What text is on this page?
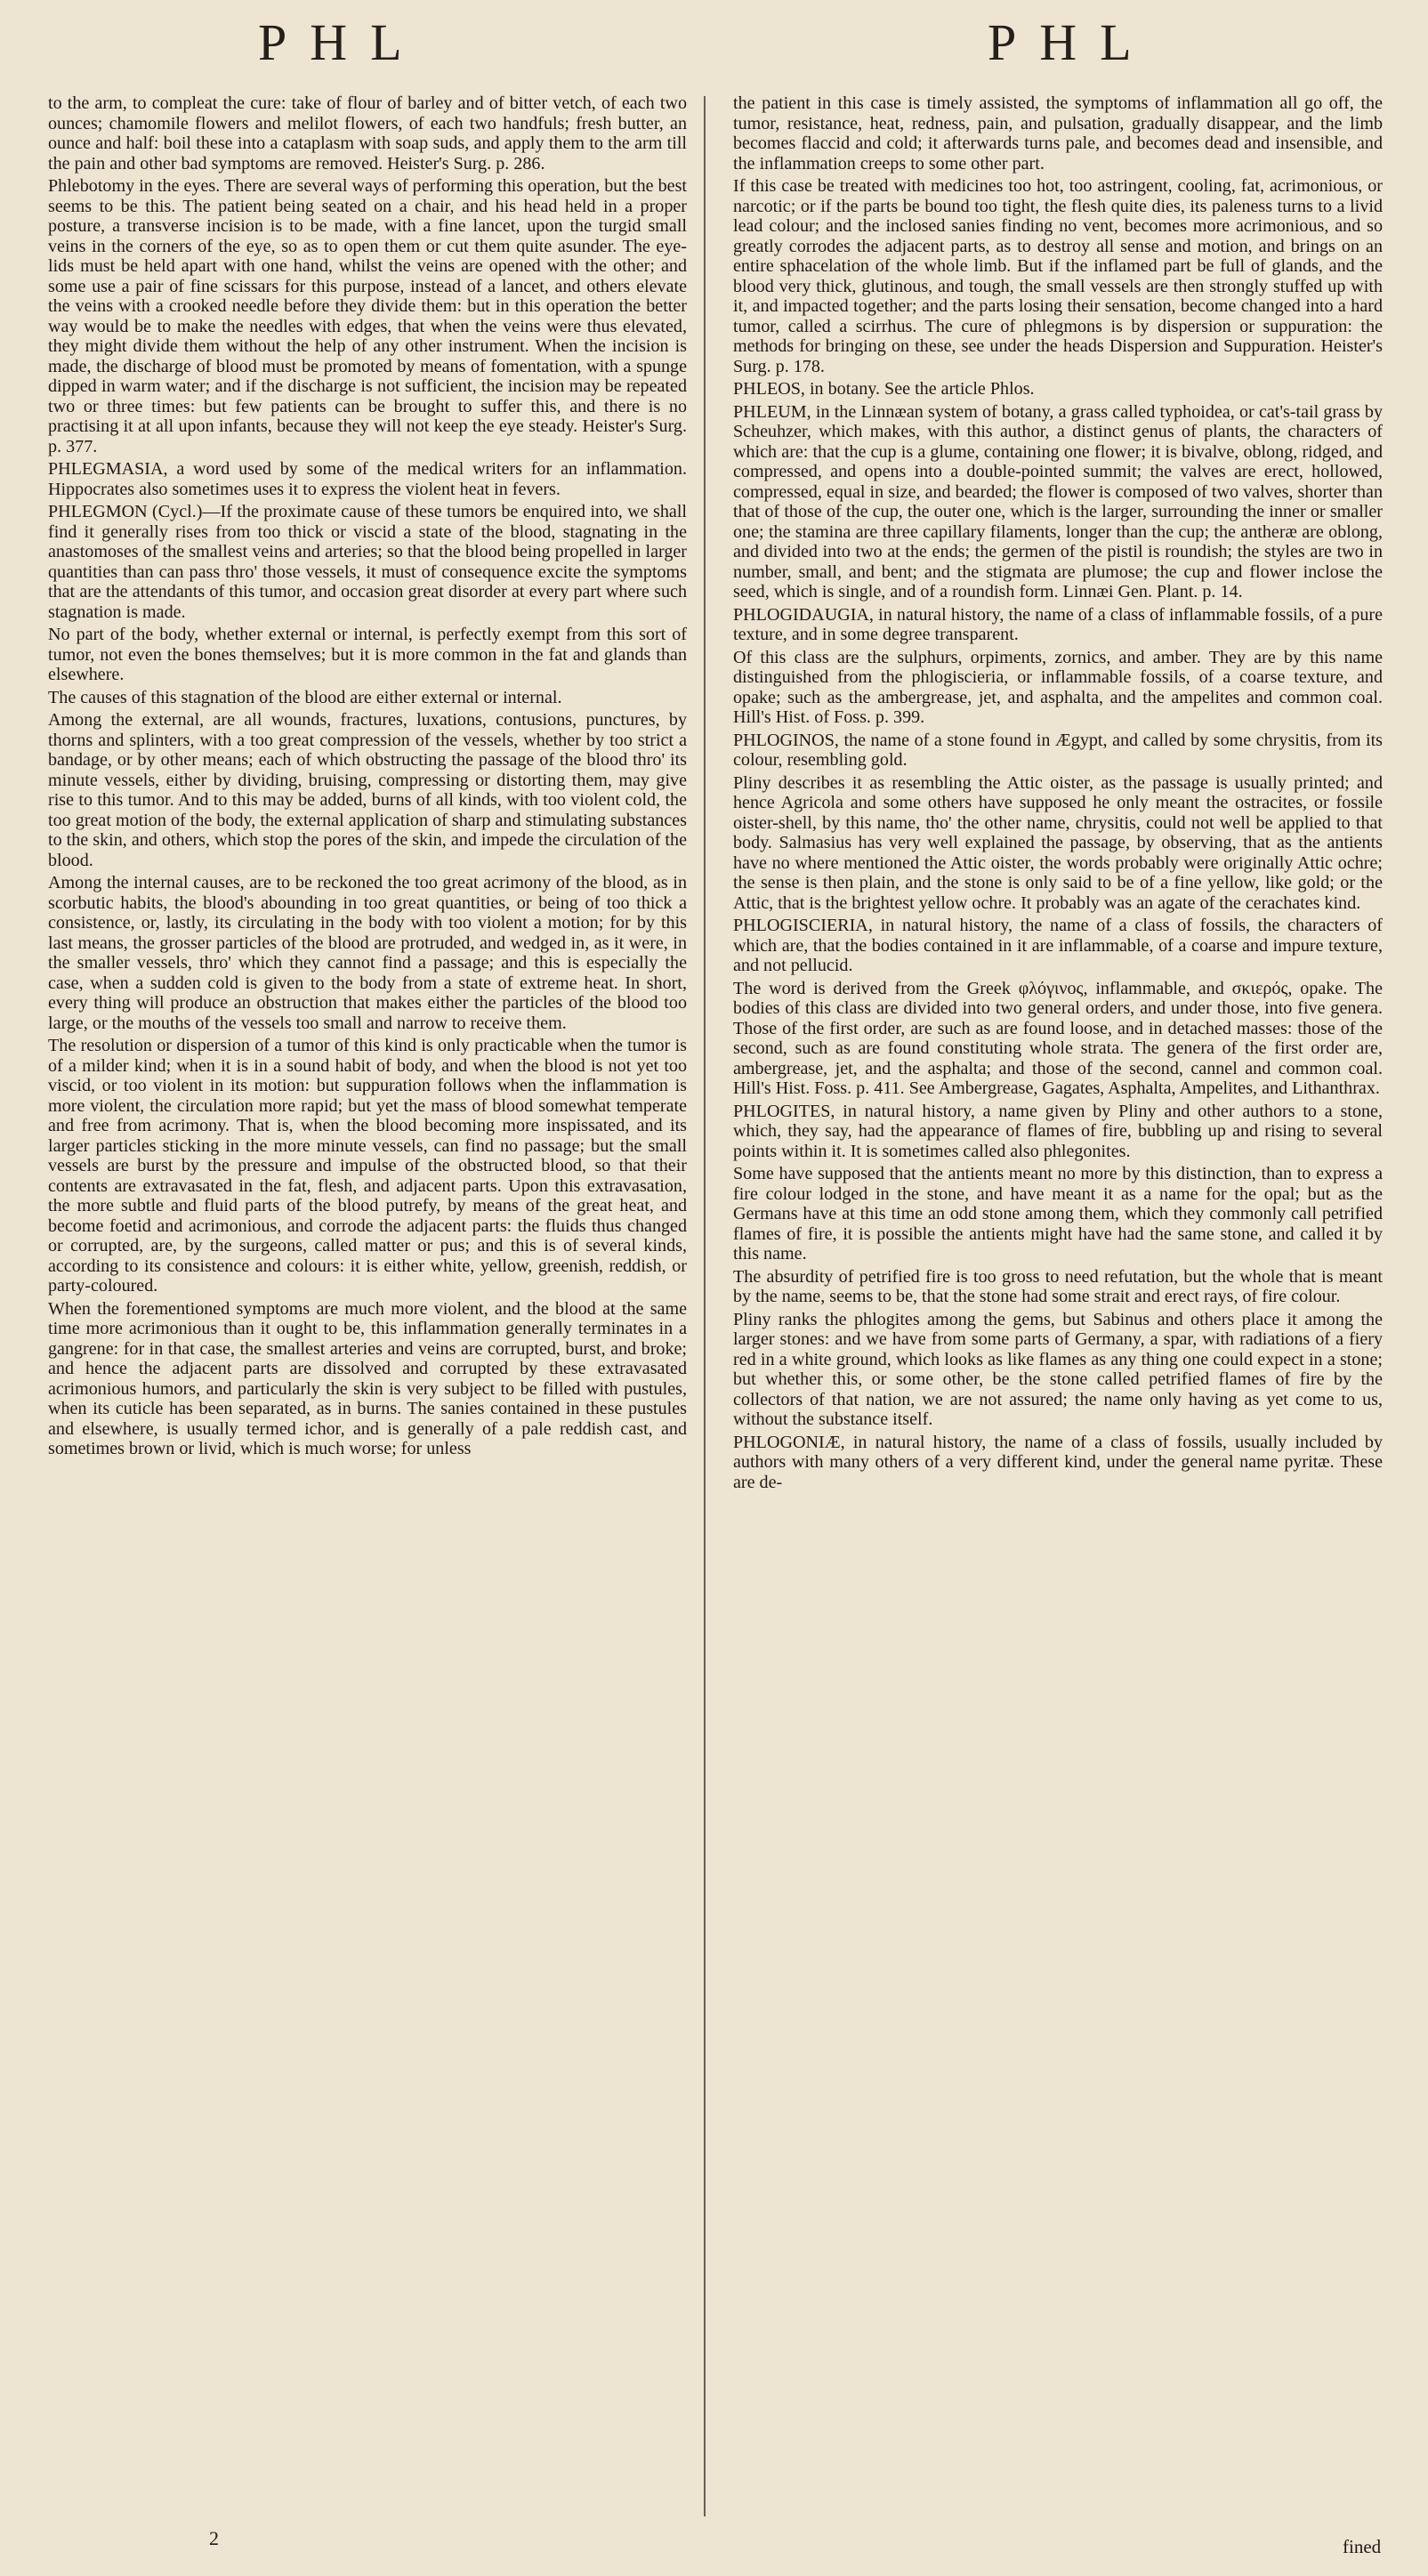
PHL	PHL

to the arm, to compleat the cure: take of flour of barley and of bitter vetch, of each two ounces; chamomile flowers and melilot flowers, of each two handfuls; fresh butter, an ounce and half: boil these into a cataplasm with soap suds, and apply them to the arm till the pain and other bad symptoms are removed. Heister's Surg. p. 286.

Phlebotomy in the eyes. There are several ways of performing this operation, but the best seems to be this. The patient being seated on a chair, and his head held in a proper posture, a transverse incision is to be made, with a fine lancet, upon the turgid small veins in the corners of the eye, so as to open them or cut them quite asunder. The eye-lids must be held apart with one hand, whilst the veins are opened with the other; and some use a pair of fine scissars for this purpose, instead of a lancet, and others elevate the veins with a crooked needle before they divide them: but in this operation the better way would be to make the needles with edges, that when the veins were thus elevated, they might divide them without the help of any other instrument. When the incision is made, the discharge of blood must be promoted by means of fomentation, with a spunge dipped in warm water; and if the discharge is not sufficient, the incision may be repeated two or three times: but few patients can be brought to suffer this, and there is no practising it at all upon infants, because they will not keep the eye steady. Heister's Surg. p. 377.

PHLEGMASIA, a word used by some of the medical writers for an inflammation. Hippocrates also sometimes uses it to express the violent heat in fevers.

PHLEGMON (Cycl.)—If the proximate cause of these tumors be enquired into, we shall find it generally rises from too thick or viscid a state of the blood, stagnating in the anastomoses of the smallest veins and arteries; so that the blood being propelled in larger quantities than can pass thro' those vessels, it must of consequence excite the symptoms that are the attendants of this tumor, and occasion great disorder at every part where such stagnation is made.

No part of the body, whether external or internal, is perfectly exempt from this sort of tumor, not even the bones themselves; but it is more common in the fat and glands than elsewhere.

The causes of this stagnation of the blood are either external or internal.

Among the external, are all wounds, fractures, luxations, contusions, punctures, by thorns and splinters, with a too great compression of the vessels, whether by too strict a bandage, or by other means; each of which obstructing the passage of the blood thro' its minute vessels, either by dividing, bruising, compressing or distorting them, may give rise to this tumor. And to this may be added, burns of all kinds, with too violent cold, the too great motion of the body, the external application of sharp and stimulating substances to the skin, and others, which stop the pores of the skin, and impede the circulation of the blood.

Among the internal causes, are to be reckoned the too great acrimony of the blood, as in scorbutic habits, the blood's abounding in too great quantities, or being of too thick a consistence, or, lastly, its circulating in the body with too violent a motion; for by this last means, the grosser particles of the blood are protruded, and wedged in, as it were, in the smaller vessels, thro' which they cannot find a passage; and this is especially the case, when a sudden cold is given to the body from a state of extreme heat. In short, every thing will produce an obstruction that makes either the particles of the blood too large, or the mouths of the vessels too small and narrow to receive them.

The resolution or dispersion of a tumor of this kind is only practicable when the tumor is of a milder kind; when it is in a sound habit of body, and when the blood is not yet too viscid, or too violent in its motion: but suppuration follows when the inflammation is more violent, the circulation more rapid; but yet the mass of blood somewhat temperate and free from acrimony. That is, when the blood becoming more inspissated, and its larger particles sticking in the more minute vessels, can find no passage; but the small vessels are burst by the pressure and impulse of the obstructed blood, so that their contents are extravasated in the fat, flesh, and adjacent parts. Upon this extravasation, the more subtle and fluid parts of the blood putrefy, by means of the great heat, and become foetid and acrimonious, and corrode the adjacent parts: the fluids thus changed or corrupted, are, by the surgeons, called matter or pus; and this is of several kinds, according to its consistence and colours: it is either white, yellow, greenish, reddish, or party-coloured.

When the forementioned symptoms are much more violent, and the blood at the same time more acrimonious than it ought to be, this inflammation generally terminates in a gangrene: for in that case, the smallest arteries and veins are corrupted, burst, and broke; and hence the adjacent parts are dissolved and corrupted by these extravasated acrimonious humors, and particularly the skin is very subject to be filled with pustules, when its cuticle has been separated, as in burns. The sanies contained in these pustules and elsewhere, is usually termed ichor, and is generally of a pale reddish cast, and sometimes brown or livid, which is much worse; for unless

the patient in this case is timely assisted, the symptoms of inflammation all go off, the tumor, resistance, heat, redness, pain, and pulsation, gradually disappear, and the limb becomes flaccid and cold; it afterwards turns pale, and becomes dead and insensible, and the inflammation creeps to some other part.

If this case be treated with medicines too hot, too astringent, cooling, fat, acrimonious, or narcotic; or if the parts be bound too tight, the flesh quite dies, its paleness turns to a livid lead colour; and the inclosed sanies finding no vent, becomes more acrimonious, and so greatly corrodes the adjacent parts, as to destroy all sense and motion, and brings on an entire sphacelation of the whole limb. But if the inflamed part be full of glands, and the blood very thick, glutinous, and tough, the small vessels are then strongly stuffed up with it, and impacted together; and the parts losing their sensation, become changed into a hard tumor, called a scirrhus. The cure of phlegmons is by dispersion or suppuration: the methods for bringing on these, see under the heads Dispersion and Suppuration. Heister's Surg. p. 178.

PHLEOS, in botany. See the article Phlos.

PHLEUM, in the Linnæan system of botany, a grass called typhoidea, or cat's-tail grass by Scheuhzer, which makes, with this author, a distinct genus of plants, the characters of which are: that the cup is a glume, containing one flower; it is bivalve, oblong, ridged, and compressed, and opens into a double-pointed summit; the valves are erect, hollowed, compressed, equal in size, and bearded; the flower is composed of two valves, shorter than that of those of the cup, the outer one, which is the larger, surrounding the inner or smaller one; the stamina are three capillary filaments, longer than the cup; the antheræ are oblong, and divided into two at the ends; the germen of the pistil is roundish; the styles are two in number, small, and bent; and the stigmata are plumose; the cup and flower inclose the seed, which is single, and of a roundish form. Linnæi Gen. Plant. p. 14.

PHLOGIDAUGIA, in natural history, the name of a class of inflammable fossils, of a pure texture, and in some degree transparent.

Of this class are the sulphurs, orpiments, zornics, and amber. They are by this name distinguished from the phlogiscieria, or inflammable fossils, of a coarse texture, and opake; such as the ambergrease, jet, and asphalta, and the ampelites and common coal. Hill's Hist. of Foss. p. 399.

PHLOGINOS, the name of a stone found in Ægypt, and called by some chrysitis, from its colour, resembling gold.

Pliny describes it as resembling the Attic oister, as the passage is usually printed; and hence Agricola and some others have supposed he only meant the ostracites, or fossile oister-shell, by this name, tho' the other name, chrysitis, could not well be applied to that body. Salmasius has very well explained the passage, by observing, that as the antients have no where mentioned the Attic oister, the words probably were originally Attic ochre; the sense is then plain, and the stone is only said to be of a fine yellow, like gold; or the Attic, that is the brightest yellow ochre. It probably was an agate of the cerachates kind.

PHLOGISCIERIA, in natural history, the name of a class of fossils, the characters of which are, that the bodies contained in it are inflammable, of a coarse and impure texture, and not pellucid.

The word is derived from the Greek φλόγινος, inflammable, and σκιερός, opake. The bodies of this class are divided into two general orders, and under those, into five genera. Those of the first order, are such as are found loose, and in detached masses: those of the second, such as are found constituting whole strata. The genera of the first order are, ambergrease, jet, and the asphalta; and those of the second, cannel and common coal. Hill's Hist. Foss. p. 411. See Ambergrease, Gagates, Asphalta, Ampelites, and Lithanthrax.

PHLOGITES, in natural history, a name given by Pliny and other authors to a stone, which, they say, had the appearance of flames of fire, bubbling up and rising to several points within it. It is sometimes called also phlegonites.

Some have supposed that the antients meant no more by this distinction, than to express a fire colour lodged in the stone, and have meant it as a name for the opal; but as the Germans have at this time an odd stone among them, which they commonly call petrified flames of fire, it is possible the antients might have had the same stone, and called it by this name.

The absurdity of petrified fire is too gross to need refutation, but the whole that is meant by the name, seems to be, that the stone had some strait and erect rays, of fire colour.

Pliny ranks the phlogites among the gems, but Sabinus and others place it among the larger stones: and we have from some parts of Germany, a spar, with radiations of a fiery red in a white ground, which looks as like flames as any thing one could expect in a stone; but whether this, or some other, be the stone called petrified flames of fire by the collectors of that nation, we are not assured; the name only having as yet come to us, without the substance itself.

PHLOGONIÆ, in natural history, the name of a class of fossils, usually included by authors with many others of a very different kind, under the general name pyritæ. These are de-

2	fined
